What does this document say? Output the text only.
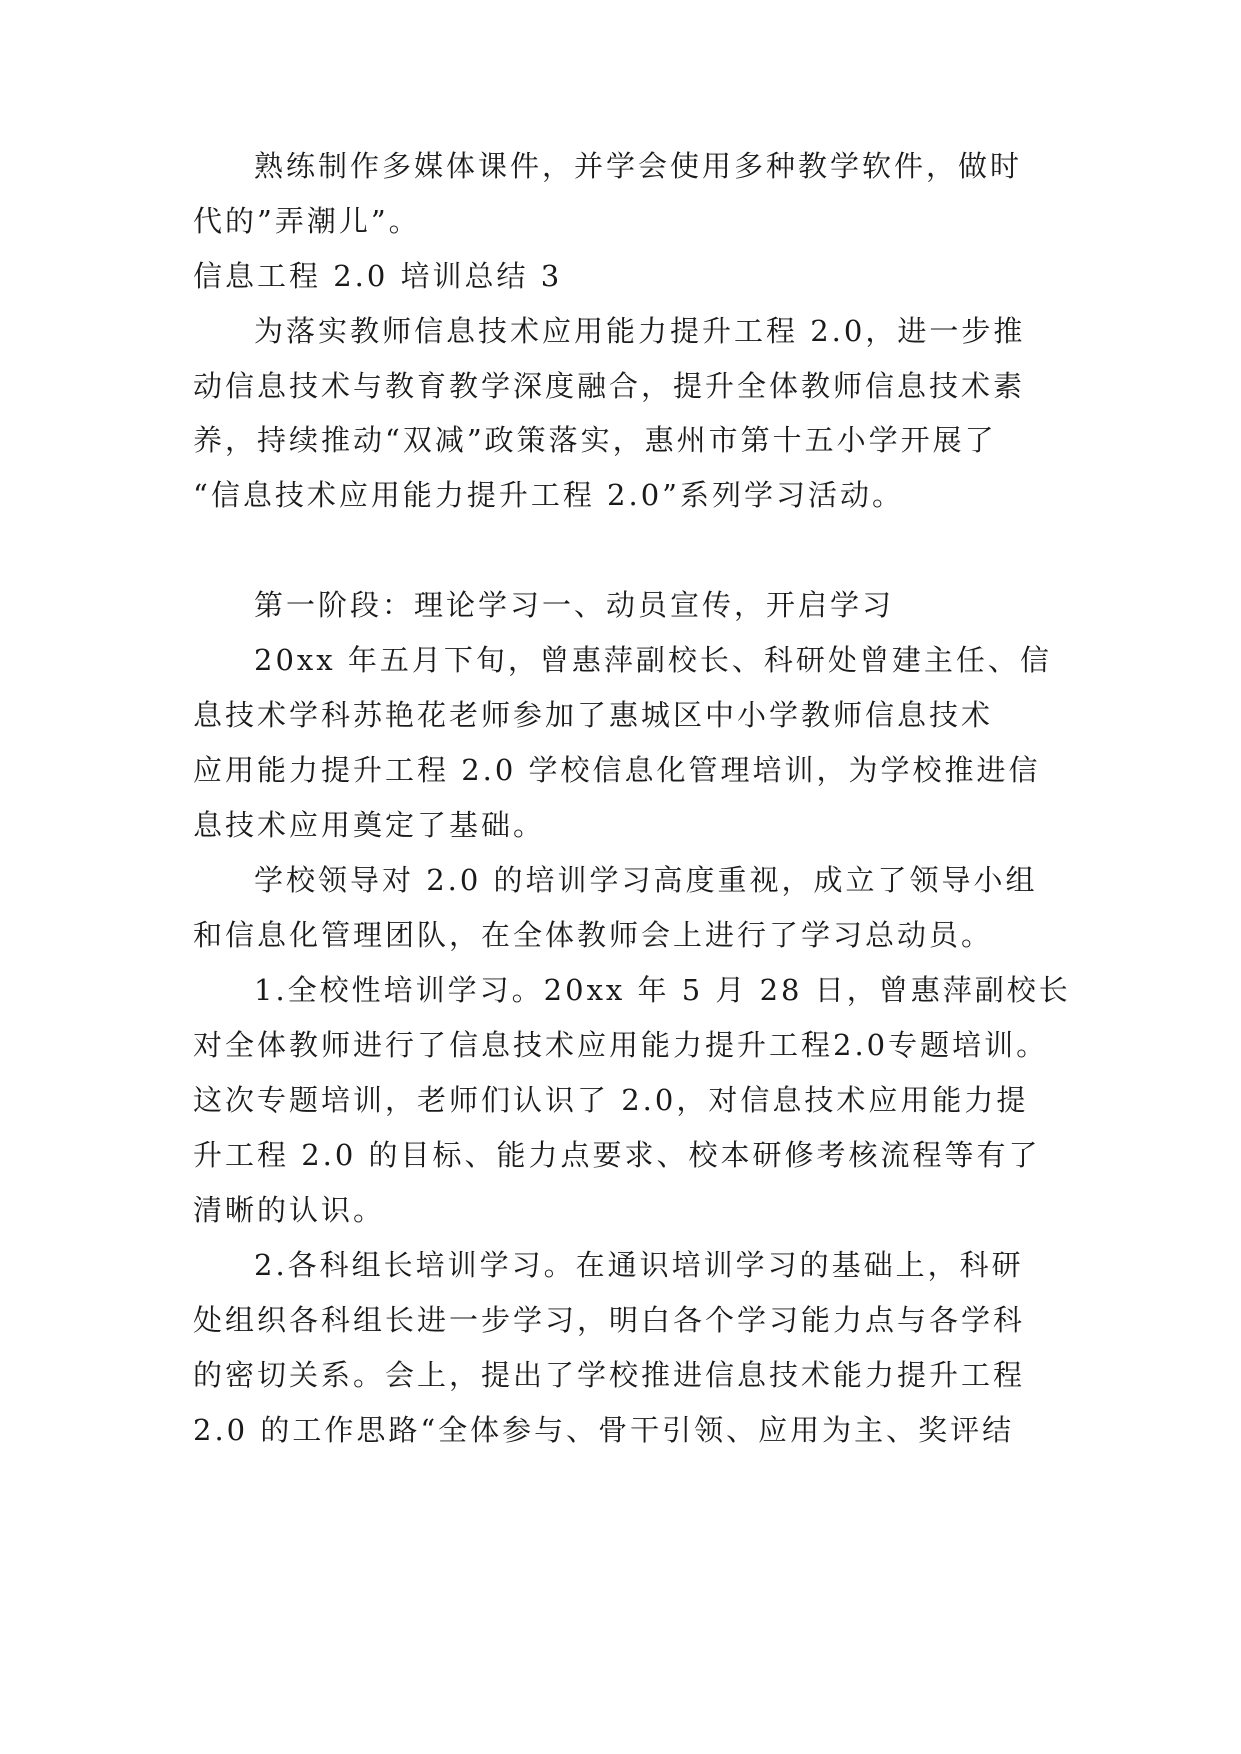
熟练制作多媒体课件，并学会使用多种教学软件，做时
代的”弄潮儿”。
信息工程 2.0 培训总结 3
为落实教师信息技术应用能力提升工程 2.0，进一步推
动信息技术与教育教学深度融合，提升全体教师信息技术素
养，持续推动“双减”政策落实，惠州市第十五小学开展了
“信息技术应用能力提升工程 2.0”系列学习活动。
第一阶段：理论学习一、动员宣传，开启学习
20xx 年五月下旬，曾惠萍副校长、科研处曾建主任、信
息技术学科苏艳花老师参加了惠城区中小学教师信息技术
应用能力提升工程 2.0 学校信息化管理培训，为学校推进信
息技术应用奠定了基础。
学校领导对 2.0 的培训学习高度重视，成立了领导小组
和信息化管理团队，在全体教师会上进行了学习总动员。
1.全校性培训学习。20xx 年 5 月 28 日，曾惠萍副校长
对全体教师进行了信息技术应用能力提升工程2.0专题培训。
这次专题培训，老师们认识了 2.0，对信息技术应用能力提
升工程 2.0 的目标、能力点要求、校本研修考核流程等有了
清晰的认识。
2.各科组长培训学习。在通识培训学习的基础上，科研
处组织各科组长进一步学习，明白各个学习能力点与各学科
的密切关系。会上，提出了学校推进信息技术能力提升工程
2.0 的工作思路“全体参与、骨干引领、应用为主、奖评结
